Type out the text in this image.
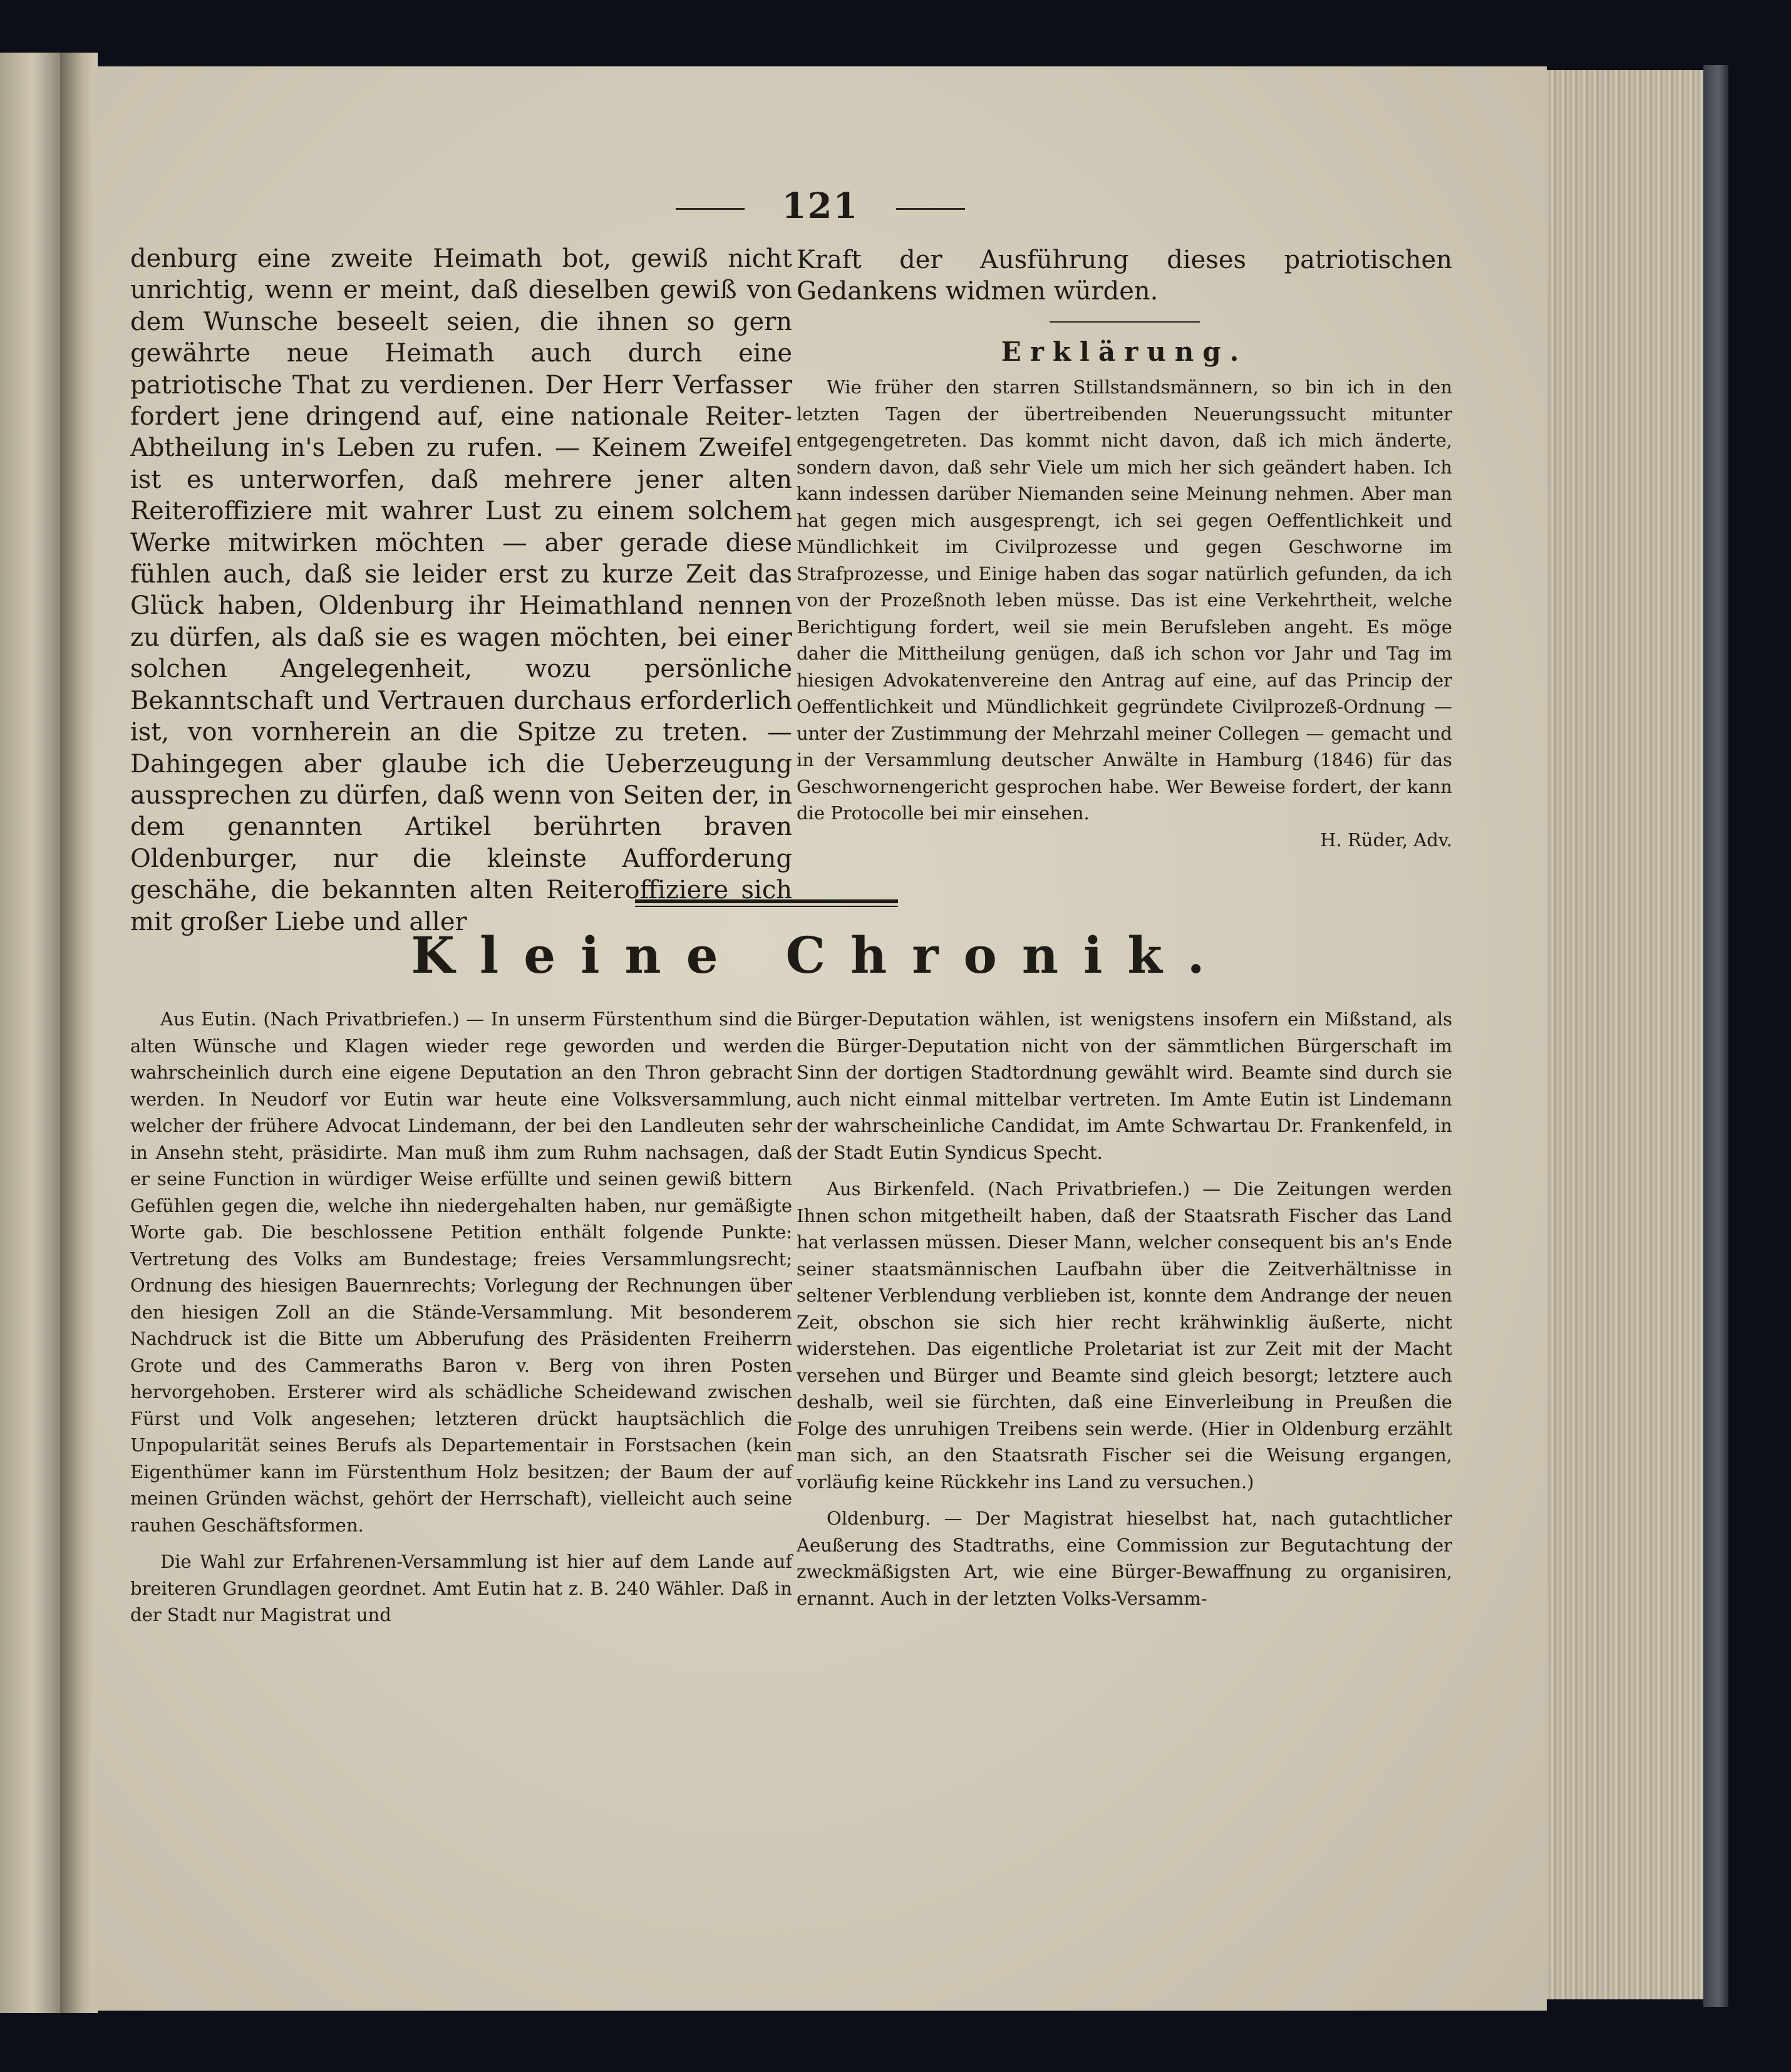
121

denburg eine zweite Heimath bot, gewiß nicht unrichtig, wenn er meint, daß dieselben gewiß von dem Wunsche beseelt seien, die ihnen so gern gewährte neue Heimath auch durch eine patriotische That zu verdienen. Der Herr Verfasser fordert jene dringend auf, eine nationale Reiter-Abtheilung in's Leben zu rufen. — Keinem Zweifel ist es unterworfen, daß mehrere jener alten Reiteroffiziere mit wahrer Lust zu einem solchem Werke mitwirken möchten — aber gerade diese fühlen auch, daß sie leider erst zu kurze Zeit das Glück haben, Oldenburg ihr Heimathland nennen zu dürfen, als daß sie es wagen möchten, bei einer solchen Angelegenheit, wozu persönliche Bekanntschaft und Vertrauen durchaus erforderlich ist, von vornherein an die Spitze zu treten. — Dahingegen aber glaube ich die Ueberzeugung aussprechen zu dürfen, daß wenn von Seiten der, in dem genannten Artikel berührten braven Oldenburger, nur die kleinste Aufforderung geschähe, die bekannten alten Reiteroffiziere sich mit großer Liebe und aller

Kraft der Ausführung dieses patriotischen Gedankens widmen würden.

Erklärung.

Wie früher den starren Stillstandsmännern, so bin ich in den letzten Tagen der übertreibenden Neuerungssucht mitunter entgegengetreten. Das kommt nicht davon, daß ich mich änderte, sondern davon, daß sehr Viele um mich her sich geändert haben. Ich kann indessen darüber Niemanden seine Meinung nehmen. Aber man hat gegen mich ausgesprengt, ich sei gegen Oeffentlichkeit und Mündlichkeit im Civilprozesse und gegen Geschworne im Strafprozesse, und Einige haben das sogar natürlich gefunden, da ich von der Prozeßnoth leben müsse. Das ist eine Verkehrtheit, welche Berichtigung fordert, weil sie mein Berufsleben angeht. Es möge daher die Mittheilung genügen, daß ich schon vor Jahr und Tag im hiesigen Advokatenvereine den Antrag auf eine, auf das Princip der Oeffentlichkeit und Mündlichkeit gegründete Civilprozeß-Ordnung — unter der Zustimmung der Mehrzahl meiner Collegen — gemacht und in der Versammlung deutscher Anwälte in Hamburg (1846) für das Geschwornengericht gesprochen habe. Wer Beweise fordert, der kann die Protocolle bei mir einsehen.

H. Rüder, Adv.

Kleine Chronik.

Aus Eutin. (Nach Privatbriefen.) — In unserm Fürstenthum sind die alten Wünsche und Klagen wieder rege geworden und werden wahrscheinlich durch eine eigene Deputation an den Thron gebracht werden. In Neudorf vor Eutin war heute eine Volksversammlung, welcher der frühere Advocat Lindemann, der bei den Landleuten sehr in Ansehn steht, präsidirte. Man muß ihm zum Ruhm nachsagen, daß er seine Function in würdiger Weise erfüllte und seinen gewiß bittern Gefühlen gegen die, welche ihn niedergehalten haben, nur gemäßigte Worte gab. Die beschlossene Petition enthält folgende Punkte: Vertretung des Volks am Bundestage; freies Versammlungsrecht; Ordnung des hiesigen Bauernrechts; Vorlegung der Rechnungen über den hiesigen Zoll an die Stände-Versammlung. Mit besonderem Nachdruck ist die Bitte um Abberufung des Präsidenten Freiherrn Grote und des Cammeraths Baron v. Berg von ihren Posten hervorgehoben. Ersterer wird als schädliche Scheidewand zwischen Fürst und Volk angesehen; letzteren drückt hauptsächlich die Unpopularität seines Berufs als Departementair in Forstsachen (kein Eigenthümer kann im Fürstenthum Holz besitzen; der Baum der auf meinen Gründen wächst, gehört der Herrschaft), vielleicht auch seine rauhen Geschäftsformen.

Die Wahl zur Erfahrenen-Versammlung ist hier auf dem Lande auf breiteren Grundlagen geordnet. Amt Eutin hat z. B. 240 Wähler. Daß in der Stadt nur Magistrat und

Bürger-Deputation wählen, ist wenigstens insofern ein Mißstand, als die Bürger-Deputation nicht von der sämmtlichen Bürgerschaft im Sinn der dortigen Stadtordnung gewählt wird. Beamte sind durch sie auch nicht einmal mittelbar vertreten. Im Amte Eutin ist Lindemann der wahrscheinliche Candidat, im Amte Schwartau Dr. Frankenfeld, in der Stadt Eutin Syndicus Specht.

Aus Birkenfeld. (Nach Privatbriefen.) — Die Zeitungen werden Ihnen schon mitgetheilt haben, daß der Staatsrath Fischer das Land hat verlassen müssen. Dieser Mann, welcher consequent bis an's Ende seiner staatsmännischen Laufbahn über die Zeitverhältnisse in seltener Verblendung verblieben ist, konnte dem Andrange der neuen Zeit, obschon sie sich hier recht krähwinklig äußerte, nicht widerstehen. Das eigentliche Proletariat ist zur Zeit mit der Macht versehen und Bürger und Beamte sind gleich besorgt; letztere auch deshalb, weil sie fürchten, daß eine Einverleibung in Preußen die Folge des unruhigen Treibens sein werde. (Hier in Oldenburg erzählt man sich, an den Staatsrath Fischer sei die Weisung ergangen, vorläufig keine Rückkehr ins Land zu versuchen.)

Oldenburg. — Der Magistrat hieselbst hat, nach gutachtlicher Aeußerung des Stadtraths, eine Commission zur Begutachtung der zweckmäßigsten Art, wie eine Bürger-Bewaffnung zu organisiren, ernannt. Auch in der letzten Volks-Versamm-
